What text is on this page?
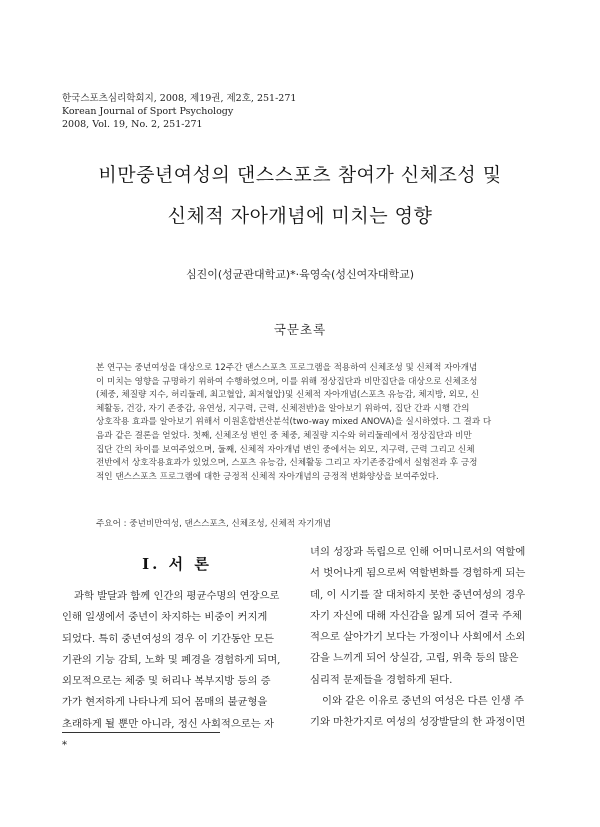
한국스포츠심리학회지, 2008, 제19권, 제2호, 251-271
Korean Journal of Sport Psychology
2008, Vol. 19, No. 2, 251-271
비만중년여성의 댄스스포츠 참여가 신체조성 및
신체적 자아개념에 미치는 영향
심진이(성균관대학교)*·육영숙(성신여자대학교)
국문초록
본 연구는 중년여성을 대상으로 12주간 댄스스포츠 프로그램을 적용하여 신체조성 및 신체적 자아개념
이 미치는 영향을 규명하기 위하여 수행하였으며, 이를 위해 정상집단과 비만집단을 대상으로 신체조성
(체중, 체질량 지수, 허리둘레, 최고혈압, 최저혈압)및 신체적 자아개념(스포츠 유능감, 체지방, 외모, 신
체활동, 건강, 자기 존중감, 유연성, 지구력, 근력, 신체전반)을 알아보기 위하여, 집단 간과 시행 간의
상호작용 효과를 알아보기 위해서 이원혼합변산분석(two-way mixed ANOVA)을 실시하였다. 그 결과 다
음과 같은 결론을 얻었다. 첫째, 신체조성 변인 중 체중, 체질량 지수와 허리둘레에서 정상집단과 비만
집단 간의 차이를 보여주었으며, 둘째, 신체적 자아개념 변인 중에서는 외모, 지구력, 근력 그리고 신체
전반에서 상호작용효과가 있었으며, 스포츠 유능감, 신체활동 그리고 자기존중감에서 실험전과 후 긍정
적인 댄스스포츠 프로그램에 대한 긍정적 신체적 자아개념의 긍정적 변화양상을 보여주었다.
주요어 : 중년비만여성, 댄스스포츠, 신체조성, 신체적 자기개념
I. 서 론
과학 발달과 함께 인간의 평균수명의 연장으로
인해 일생에서 중년이 차지하는 비중이 커지게
되었다. 특히 중년여성의 경우 이 기간동안 모든
기관의 기능 감퇴, 노화 및 폐경을 경험하게 되며,
외모적으로는 체중 및 허리나 복부지방 등의 증
가가 현저하게 나타나게 되어 몸매의 불균형을
초래하게 될 뿐만 아니라, 정신 사회적으로는 자
녀의 성장과 독립으로 인해 어머니로서의 역할에
서 벗어나게 됨으로써 역할변화를 경험하게 되는
데, 이 시기를 잘 대처하지 못한 중년여성의 경우
자기 자신에 대해 자신감을 잃게 되어 결국 주체
적으로 살아가기 보다는 가정이나 사회에서 소외
감을 느끼게 되어 상실감, 고립, 위축 등의 많은
심리적 문제들을 경험하게 된다.
이와 같은 이유로 중년의 여성은 다른 인생 주
기와 마찬가지로 여성의 성장발달의 한 과정이면
*
